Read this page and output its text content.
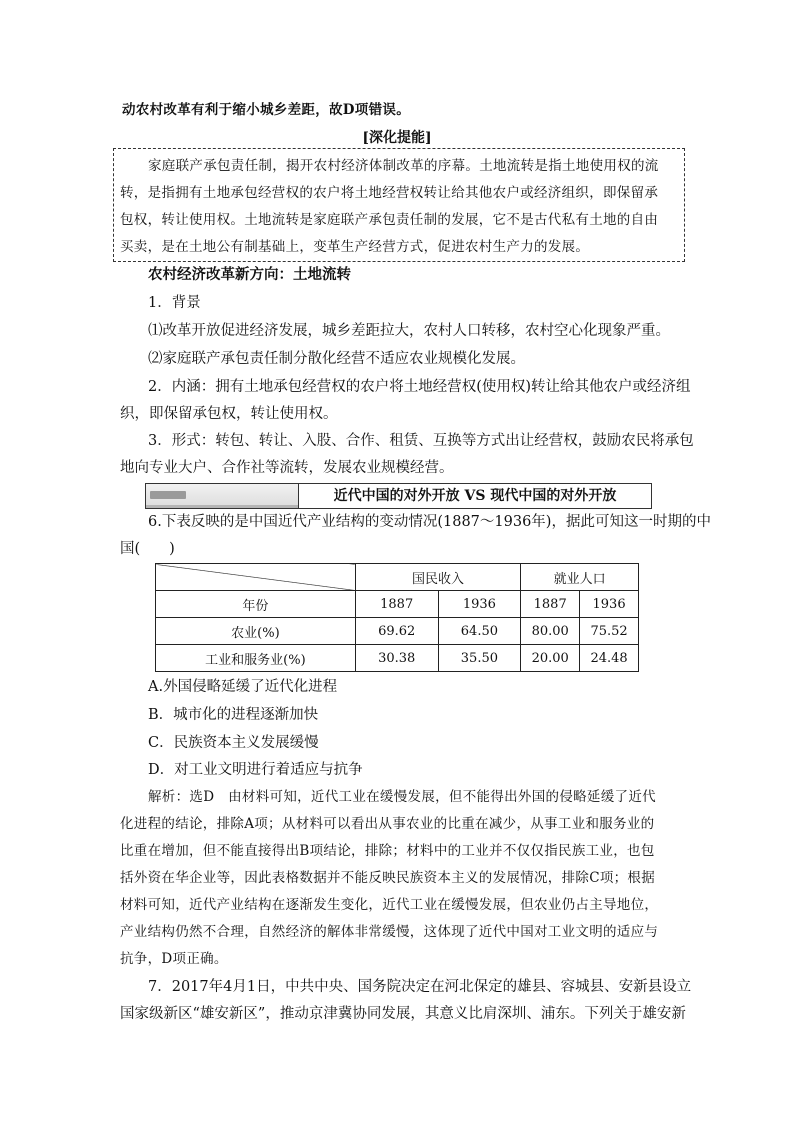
动农村改革有利于缩小城乡差距，故D项错误。
[深化提能]
家庭联产承包责任制，揭开农村经济体制改革的序幕。土地流转是指土地使用权的流
转，是指拥有土地承包经营权的农户将土地经营权转让给其他农户或经济组织，即保留承
包权，转让使用权。土地流转是家庭联产承包责任制的发展，它不是古代私有土地的自由
买卖，是在土地公有制基础上，变革生产经营方式，促进农村生产力的发展。
农村经济改革新方向：土地流转
1．背景
⑴改革开放促进经济发展，城乡差距拉大，农村人口转移，农村空心化现象严重。
⑵家庭联产承包责任制分散化经营不适应农业规模化发展。
2．内涵：拥有土地承包经营权的农户将土地经营权(使用权)转让给其他农户或经济组
织，即保留承包权，转让使用权。
3．形式：转包、转让、入股、合作、租赁、互换等方式出让经营权，鼓励农民将承包
地向专业大户、合作社等流转，发展农业规模经营。
近代中国的对外开放 VS 现代中国的对外开放
6.下表反映的是中国近代产业结构的变动情况(1887～1936年)，据此可知这一时期的中
国(　　)
	国民收入		就业人口	
年份	1887	1936	1887	1936
农业(%)	69.62	64.50	80.00	75.52
工业和服务业(%)	30.38	35.50	20.00	24.48
A.外国侵略延缓了近代化进程
B．城市化的进程逐渐加快
C．民族资本主义发展缓慢
D．对工业文明进行着适应与抗争
解析：选D　由材料可知，近代工业在缓慢发展，但不能得出外国的侵略延缓了近代
化进程的结论，排除A项；从材料可以看出从事农业的比重在减少，从事工业和服务业的
比重在增加，但不能直接得出B项结论，排除；材料中的工业并不仅仅指民族工业，也包
括外资在华企业等，因此表格数据并不能反映民族资本主义的发展情况，排除C项；根据
材料可知，近代产业结构在逐渐发生变化，近代工业在缓慢发展，但农业仍占主导地位，
产业结构仍然不合理，自然经济的解体非常缓慢，这体现了近代中国对工业文明的适应与
抗争，D项正确。
7．2017年4月1日，中共中央、国务院决定在河北保定的雄县、容城县、安新县设立
国家级新区“雄安新区”，推动京津冀协同发展，其意义比肩深圳、浦东。下列关于雄安新
